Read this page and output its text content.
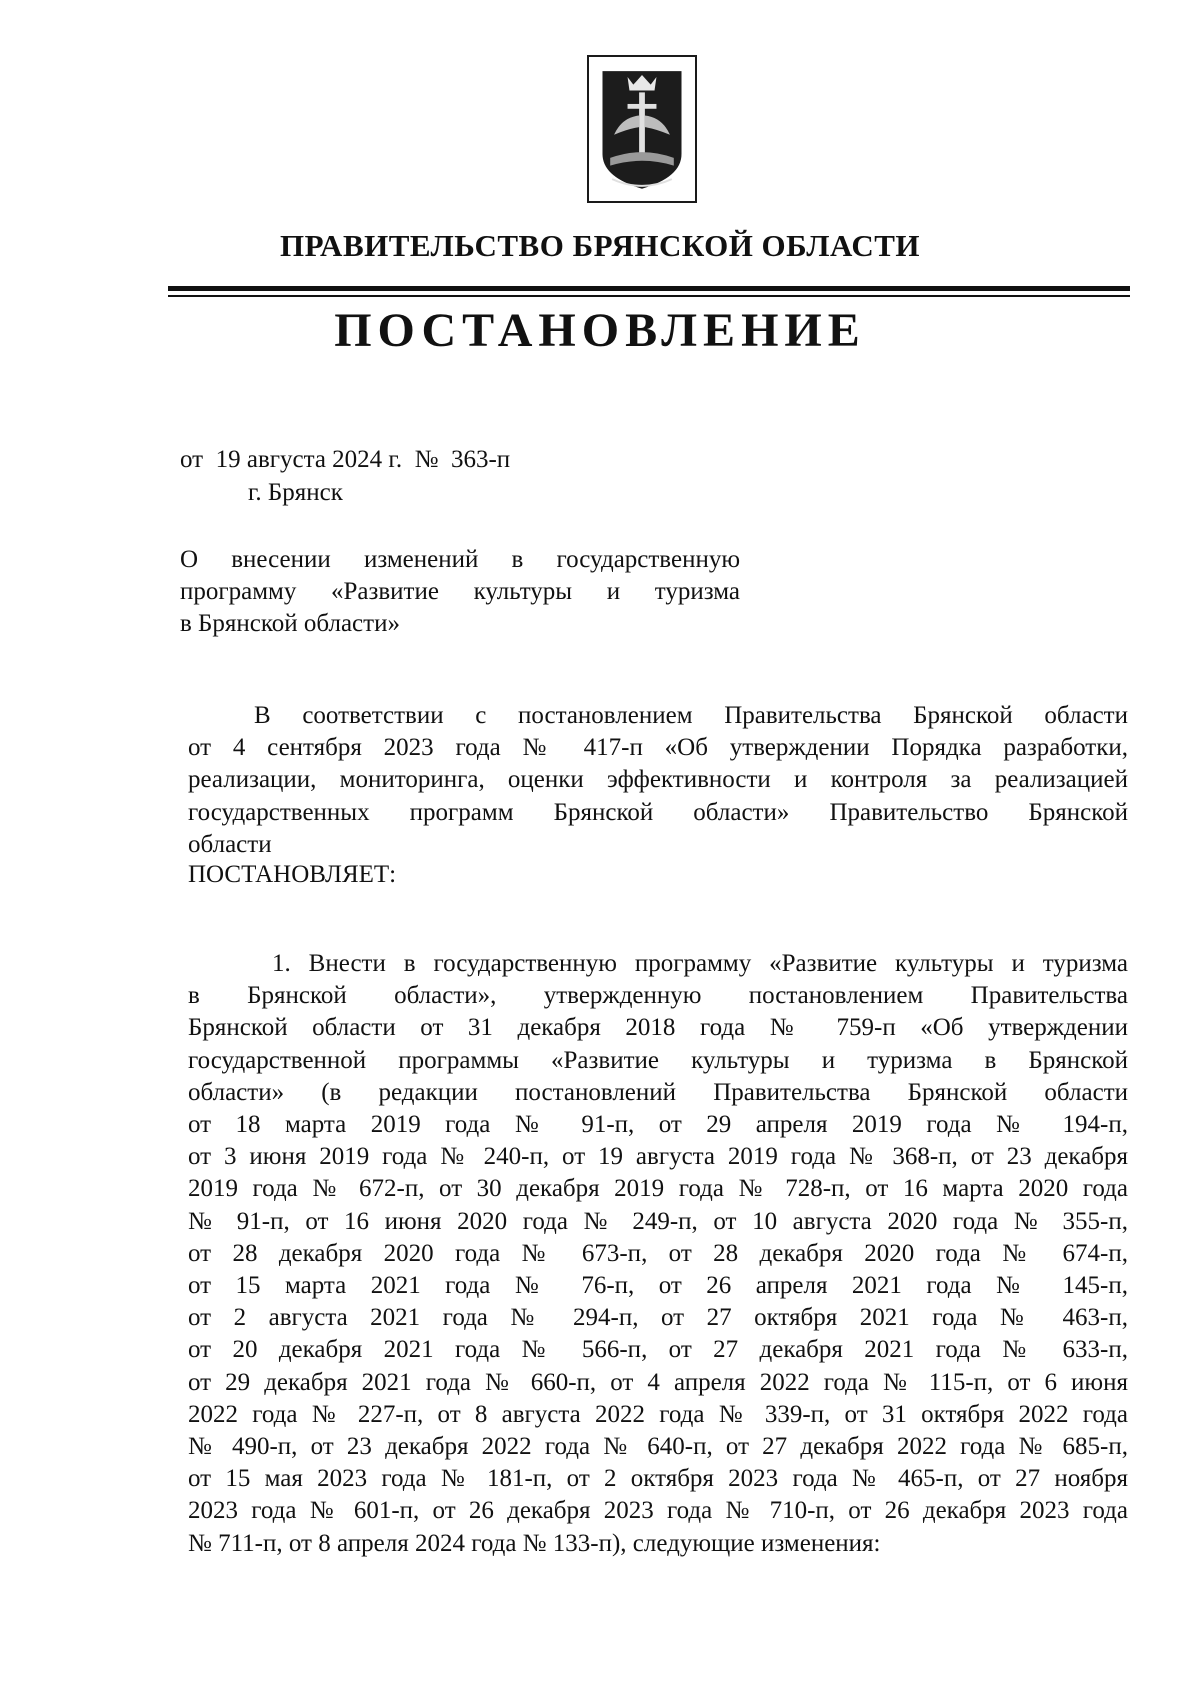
ПРАВИТЕЛЬСТВО БРЯНСКОЙ ОБЛАСТИ
ПОСТАНОВЛЕНИЕ
от  19 августа 2024 г.  №  363-п
г. Брянск
О внесении изменений в государственную
программу «Развитие культуры и туризма
в Брянской области»
В соответствии с постановлением Правительства Брянской области
от 4 сентября 2023 года № 417-п «Об утверждении Порядка разработки,
реализации, мониторинга, оценки эффективности и контроля за реализацией
государственных программ Брянской области» Правительство Брянской
области
ПОСТАНОВЛЯЕТ:
1. Внести в государственную программу «Развитие культуры и туризма
в Брянской области», утвержденную постановлением Правительства
Брянской области от 31 декабря 2018 года № 759-п «Об утверждении
государственной программы «Развитие культуры и туризма в Брянской
области» (в редакции постановлений Правительства Брянской области
от 18 марта 2019 года № 91-п, от 29 апреля 2019 года № 194-п,
от 3 июня 2019 года № 240-п, от 19 августа 2019 года № 368-п, от 23 декабря
2019 года № 672-п, от 30 декабря 2019 года № 728-п, от 16 марта 2020 года
№ 91-п, от 16 июня 2020 года № 249-п, от 10 августа 2020 года № 355-п,
от 28 декабря 2020 года № 673-п, от 28 декабря 2020 года № 674-п,
от 15 марта 2021 года № 76-п, от 26 апреля 2021 года № 145-п,
от 2 августа 2021 года № 294-п, от 27 октября 2021 года № 463-п,
от 20 декабря 2021 года № 566-п, от 27 декабря 2021 года № 633-п,
от 29 декабря 2021 года № 660-п, от 4 апреля 2022 года № 115-п, от 6 июня
2022 года № 227-п, от 8 августа 2022 года № 339-п, от 31 октября 2022 года
№ 490-п, от 23 декабря 2022 года № 640-п, от 27 декабря 2022 года № 685-п,
от 15 мая 2023 года № 181-п, от 2 октября 2023 года № 465-п, от 27 ноября
2023 года № 601-п, от 26 декабря 2023 года № 710-п, от 26 декабря 2023 года
№ 711-п, от 8 апреля 2024 года № 133-п), следующие изменения:
